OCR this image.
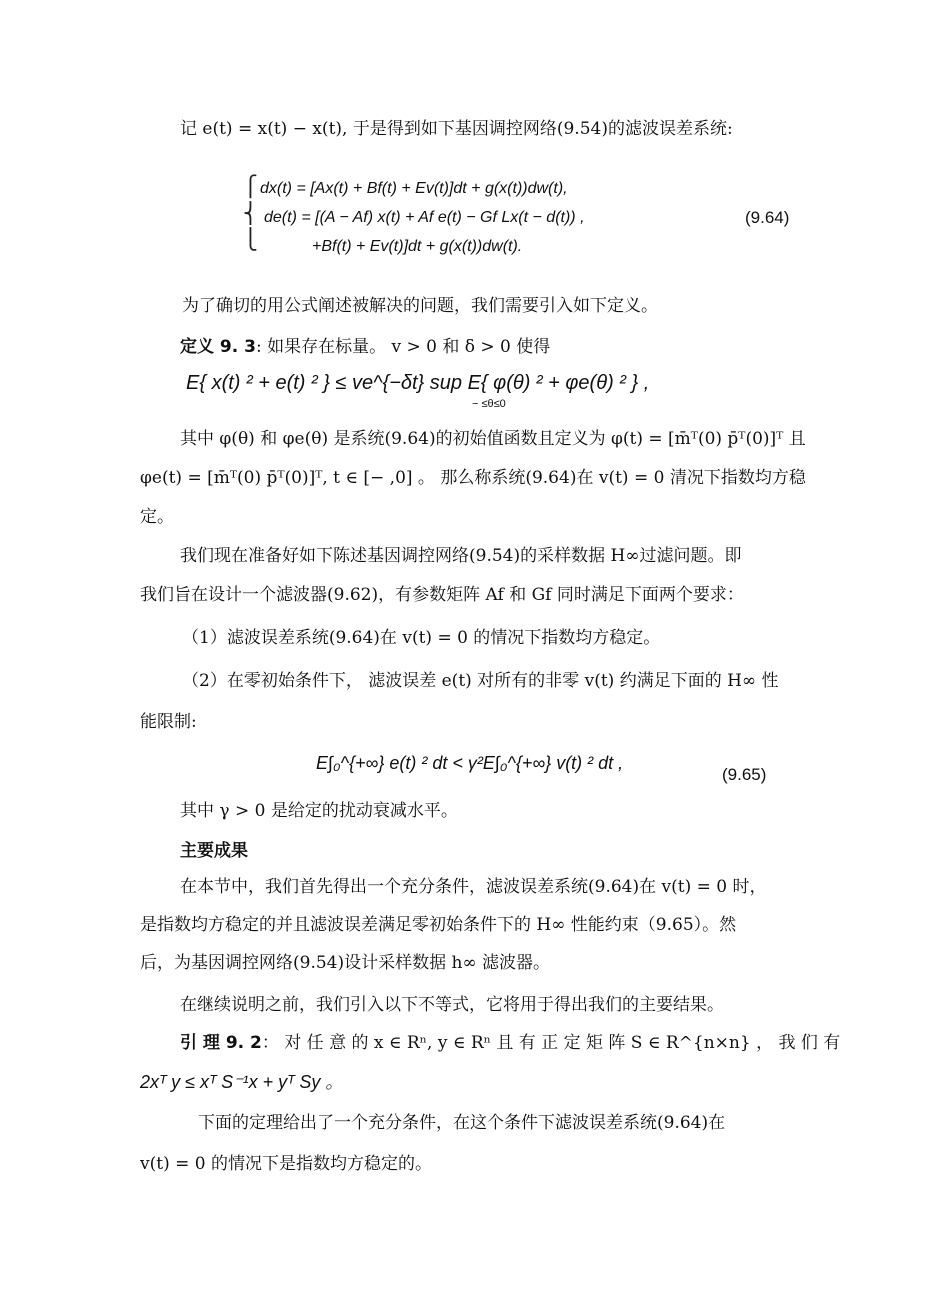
记 e(t) = x(t) − x(t), 于是得到如下基因调控网络(9.54)的滤波误差系统:
⎧
⎨
⎩
dx(t) = [Ax(t) + Bf(t) + Ev(t)]dt + g(x(t))dw(t),
de(t) = [(A − Af) x(t) + Af e(t) − Gf Lx(t − d(t)) ,
+Bf(t) + Ev(t)]dt + g(x(t))dw(t).
(9.64)
为了确切的用公式阐述被解决的问题，我们需要引入如下定义。
定义 9. 3: 如果存在标量。 v > 0 和 δ > 0 使得
E{ x(t) ² + e(t) ² } ≤ ve^{−δt} sup E{ φ(θ) ² + φe(θ) ² } ,
− ≤θ≤0
其中 φ(θ) 和 φe(θ) 是系统(9.64)的初始值函数且定义为 φ(t) = [m̄ᵀ(0) p̄ᵀ(0)]ᵀ 且
φe(t) = [m̄ᵀ(0) p̄ᵀ(0)]ᵀ, t ∈ [− ,0] 。 那么称系统(9.64)在 v(t) = 0 清况下指数均方稳
定。
我们现在准备好如下陈述基因调控网络(9.54)的采样数据 H∞过滤问题。即
我们旨在设计一个滤波器(9.62)，有参数矩阵 Af 和 Gf 同时满足下面两个要求：
（1）滤波误差系统(9.64)在 v(t) = 0 的情况下指数均方稳定。
（2）在零初始条件下， 滤波误差 e(t) 对所有的非零 v(t) 约满足下面的 H∞ 性
能限制:
E∫₀^{+∞} e(t) ² dt < γ²E∫₀^{+∞} v(t) ² dt ,
(9.65)
其中 γ > 0 是给定的扰动衰减水平。
主要成果
在本节中，我们首先得出一个充分条件，滤波误差系统(9.64)在 v(t) = 0 时，
是指数均方稳定的并且滤波误差满足零初始条件下的 H∞ 性能约束（9.65）。然
后，为基因调控网络(9.54)设计采样数据 h∞ 滤波器。
在继续说明之前，我们引入以下不等式，它将用于得出我们的主要结果。
引 理 9. 2： 对 任 意 的 x ∈ Rⁿ, y ∈ Rⁿ 且 有 正 定 矩 阵 S ∈ R^{n×n} ， 我 们 有
2xᵀ y ≤ xᵀ S⁻¹x + yᵀ Sy 。
下面的定理给出了一个充分条件，在这个条件下滤波误差系统(9.64)在
v(t) = 0 的情况下是指数均方稳定的。
